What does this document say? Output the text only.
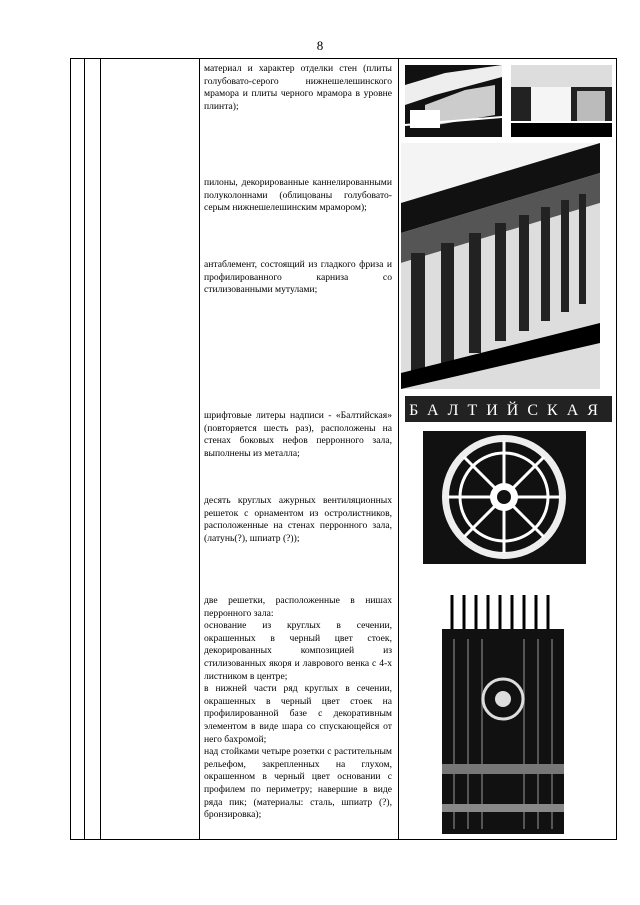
8

материал и характер отделки стен (плиты голубовато-серого нижнешелешинского мрамора и плиты черного мрамора в уровне плинта);

пилоны, декорированные каннелированными полуколоннами (облицованы голубовато-серым нижнешелешинским мрамором);

антаблемент, состоящий из гладкого фриза и профилированного карниза со стилизованными мутулами;

шрифтовые литеры надписи - «Балтийская» (повторяется шесть раз), расположены на стенах боковых нефов перронного зала, выполнены из металла;

десять круглых ажурных вентиляционных решеток с орнаментом из остролистников, расположенные на стенах перронного зала, (латунь(?), шпиатр (?));

две решетки, расположенные в нишах перронного зала:

основание из круглых в сечении, окрашенных в черный цвет стоек, декорированных композицией из стилизованных якоря и лаврового венка с 4-х листником в центре;

в нижней части ряд круглых в сечении, окрашенных в черный цвет стоек на профилированной базе с декоративным элементом в виде шара со спускающейся от него бахромой;

над стойками четыре розетки с растительным рельефом, закрепленных на глухом, окрашенном в черный цвет основании с профилем по периметру; навершие в виде ряда пик; (материалы: сталь, шпиатр (?), бронзировка);

БАЛТИЙСКАЯ
